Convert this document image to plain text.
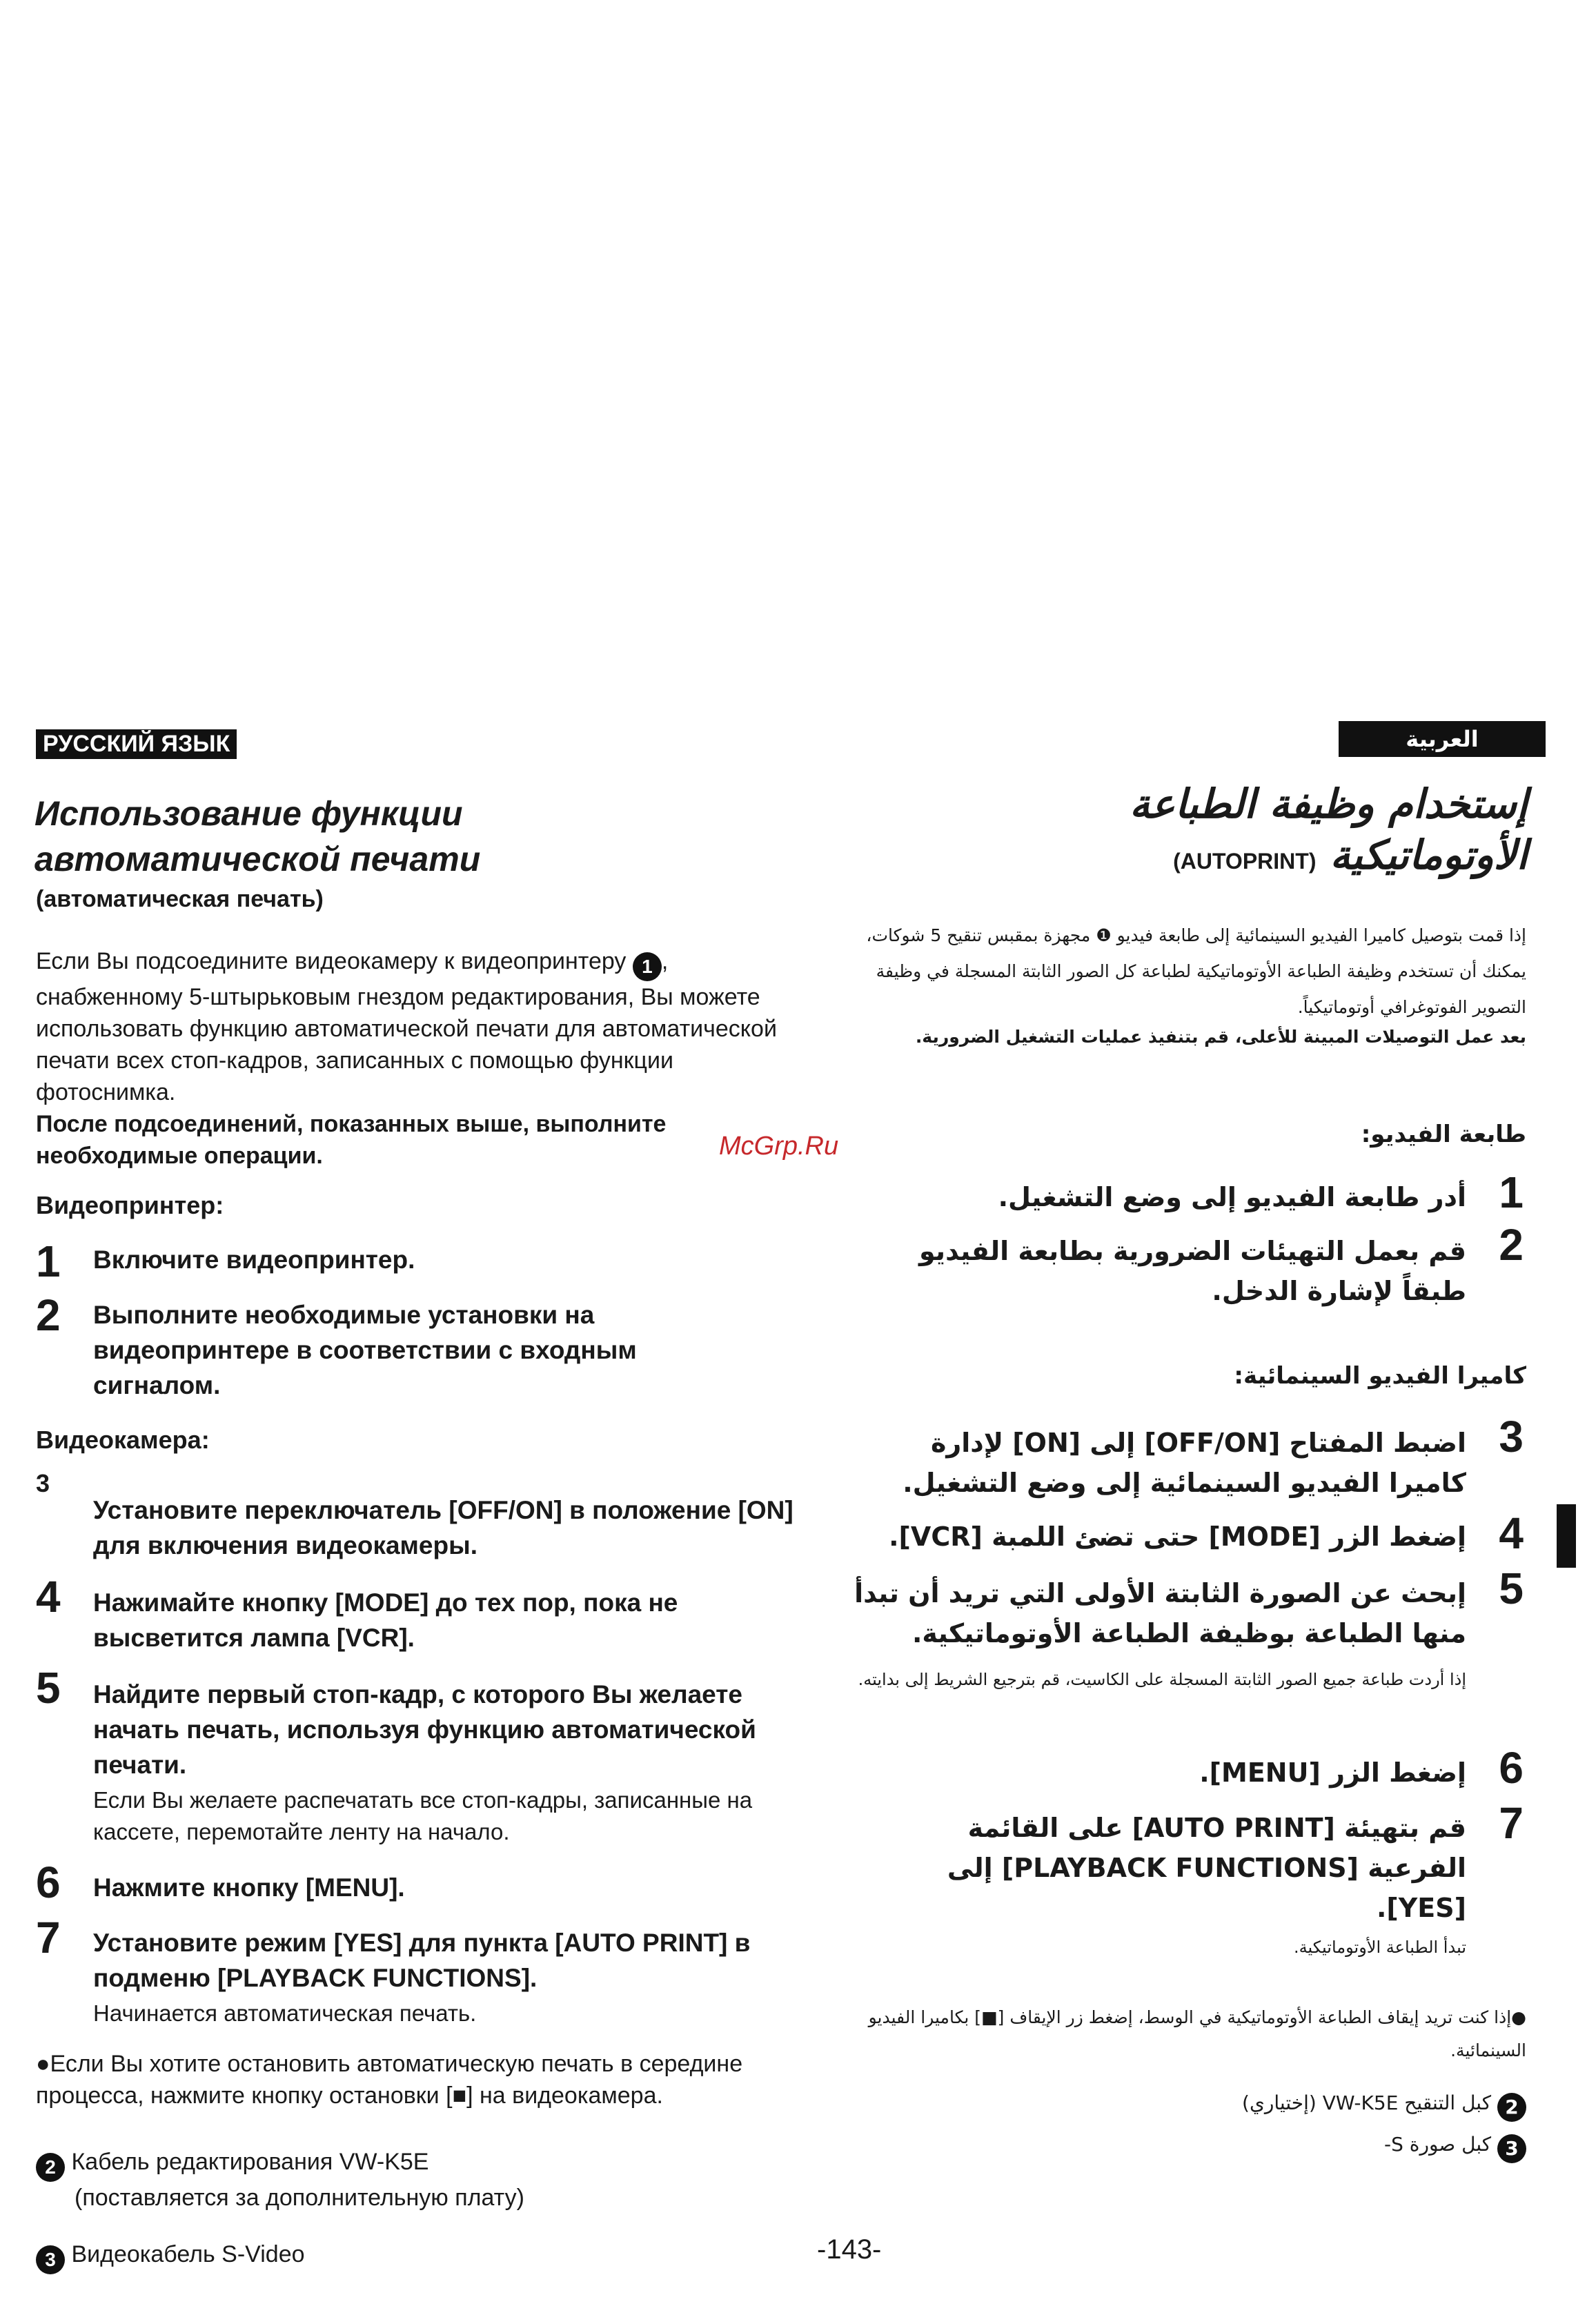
РУССКИЙ ЯЗЫК
Использование функции
автоматической печати
(автоматическая печать)
Если Вы подсоедините видеокамеру к видеопринтеру 1 , снабженному 5-штырьковым гнездом редактирования, Вы можете использовать функцию автоматической печати для автоматической печати всех стоп-кадров, записанных с помощью функции фотоснимка.
После подсоединений, показанных выше, выполните необходимые операции.
Видеопринтер:
1 Включите видеопринтер.
2 Выполните необходимые установки на видеопринтере в соответствии с входным сигналом.
Видеокамера:
3
Установите переключатель [OFF/ON] в положение [ON] для включения видеокамеры.
4 Нажимайте кнопку [MODE] до тех пор, пока не высветится лампа [VCR].
5 Найдите первый стоп-кадр, с которого Вы желаете начать печать, используя функцию автоматической печати.
Если Вы желаете распечатать все стоп-кадры, записанные на кассете, перемотайте ленту на начало.
6 Нажмите кнопку [MENU].
7 Установите режим [YES] для пункта [AUTO PRINT] в подменю [PLAYBACK FUNCTIONS].
Начинается автоматическая печать.
●Если Вы хотите остановить автоматическую печать в середине процесса, нажмите кнопку остановки [■] на видеокамера.
2 Кабель редактирования VW-K5E
(поставляется за дополнительную плату)
3 Видеокабель S-Video
العربية
إستخدام وظيفة الطباعة
الأوتوماتيكية (AUTOPRINT)
إذا قمت بتوصيل كاميرا الفيديو السينمائية إلى طابعة فيديو ❶ مجهزة بمقبس تنقيح 5 شوكات، يمكنك أن تستخدم وظيفة الطباعة الأوتوماتيكية لطباعة كل الصور الثابتة المسجلة في وظيفة التصوير الفوتوغرافي أوتوماتيكياً.
بعد عمل التوصيلات المبينة للأعلى، قم بتنفيذ عمليات التشغيل الضرورية.
طابعة الفيديو:
1
أدر طابعة الفيديو إلى وضع التشغيل.
2
قم بعمل التهيئات الضرورية بطابعة الفيديو طبقاً لإشارة الدخل.
كاميرا الفيديو السينمائية:
3
اضبط المفتاح [OFF/ON] إلى [ON] لإدارة كاميرا الفيديو السينمائية إلى وضع التشغيل.
4
إضغط الزر [MODE] حتى تضئ اللمبة [VCR].
5
إبحث عن الصورة الثابتة الأولى التي تريد أن تبدأ منها الطباعة بوظيفة الطباعة الأوتوماتيكية.
إذا أردت طباعة جميع الصور الثابتة المسجلة على الكاسيت، قم بترجيع الشريط إلى بدايته.
6
إضغط الزر [MENU].
7
قم بتهيئة [AUTO PRINT] على القائمة الفرعية [PLAYBACK FUNCTIONS] إلى [YES].
تبدأ الطباعة الأوتوماتيكية.
●إذا كنت تريد إيقاف الطباعة الأوتوماتيكية في الوسط، إضغط زر الإيقاف [■] بكاميرا الفيديو السينمائية.
2 كبل التنقيح VW-K5E (إختياري)
3 كبل صورة S-
McGrp.Ru
-143-
